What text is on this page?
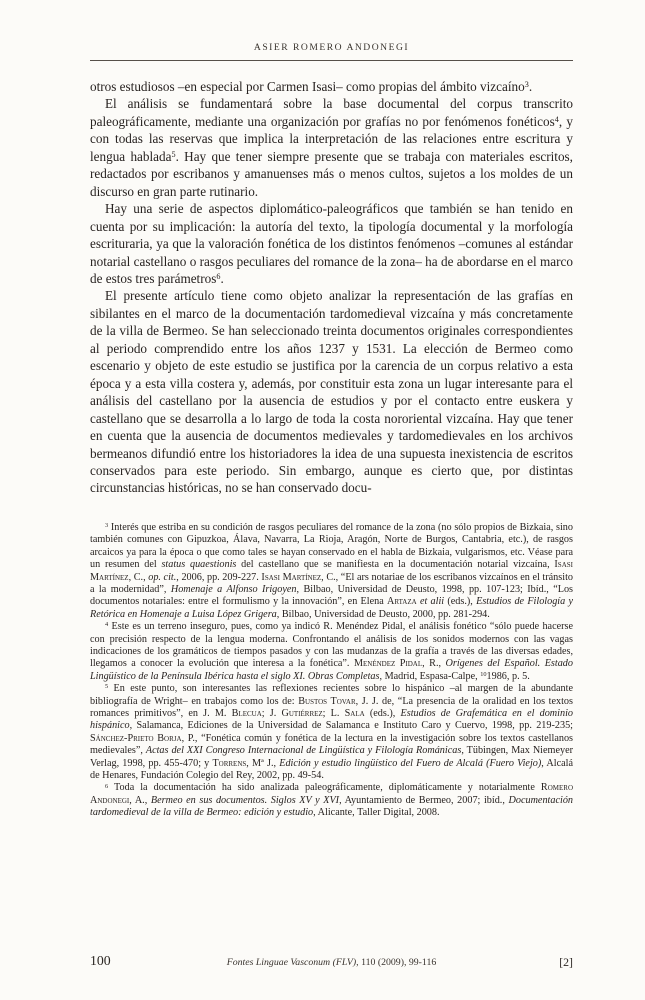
ASIER ROMERO ANDONEGI

otros estudiosos –en especial por Carmen Isasi– como propias del ámbito vizcaíno$^3$.

El análisis se fundamentará sobre la base documental del corpus transcrito paleográficamente, mediante una organización por grafías no por fenómenos fonéticos$^4$, y con todas las reservas que implica la interpretación de las relaciones entre escritura y lengua hablada$^5$. Hay que tener siempre presente que se trabaja con materiales escritos, redactados por escribanos y amanuenses más o menos cultos, sujetos a los moldes de un discurso en gran parte rutinario.

Hay una serie de aspectos diplomático-paleográficos que también se han tenido en cuenta por su implicación: la autoría del texto, la tipología documental y la morfología escrituraria, ya que la valoración fonética de los distintos fenómenos –comunes al estándar notarial castellano o rasgos peculiares del romance de la zona– ha de abordarse en el marco de estos tres parámetros$^6$.

El presente artículo tiene como objeto analizar la representación de las grafías en sibilantes en el marco de la documentación tardomedieval vizcaína y más concretamente de la villa de Bermeo. Se han seleccionado treinta documentos originales correspondientes al periodo comprendido entre los años 1237 y 1531. La elección de Bermeo como escenario y objeto de este estudio se justifica por la carencia de un corpus relativo a esta época y a esta villa costera y, además, por constituir esta zona un lugar interesante para el análisis del castellano por la ausencia de estudios y por el contacto entre euskera y castellano que se desarrolla a lo largo de toda la costa nororiental vizcaína. Hay que tener en cuenta que la ausencia de documentos medievales y tardomedievales en los archivos bermeanos difundió entre los historiadores la idea de una supuesta inexistencia de escritos conservados para este periodo. Sin embargo, aunque es cierto que, por distintas circunstancias históricas, no se han conservado docu-

$^3$ Interés que estriba en su condición de rasgos peculiares del romance de la zona (no sólo propios de Bizkaia, sino también comunes con Gipuzkoa, Álava, Navarra, La Rioja, Aragón, Norte de Burgos, Cantabria, etc.), de rasgos arcaicos ya para la época o que como tales se hayan conservado en el habla de Bizkaia, vulgarismos, etc. Véase para un resumen del status quaestionis del castellano que se manifiesta en la documentación notarial vizcaína, Isasi Martínez, C., op. cit., 2006, pp. 209-227. Isasi Martínez, C., “El ars notariae de los escribanos vizcaínos en el tránsito a la modernidad”, Homenaje a Alfonso Irigoyen, Bilbao, Universidad de Deusto, 1998, pp. 107-123; Ibíd., “Los documentos notariales: entre el formulismo y la innovación”, en Elena Artaza et alii (eds.), Estudios de Filología y Retórica en Homenaje a Luisa López Grigera, Bilbao, Universidad de Deusto, 2000, pp. 281-294.

$^4$ Este es un terreno inseguro, pues, como ya indicó R. Menéndez Pidal, el análisis fonético “sólo puede hacerse con precisión respecto de la lengua moderna. Confrontando el análisis de los sonidos modernos con las vagas indicaciones de los gramáticos de tiempos pasados y con las mudanzas de la grafía a través de las diversas edades, llegamos a conocer la evolución que interesa a la fonética”. Menéndez Pidal, R., Orígenes del Español. Estado Lingüístico de la Península Ibérica hasta el siglo XI. Obras Completas, Madrid, Espasa-Calpe, $^{10}$1986, p. 5.

$^5$ En este punto, son interesantes las reflexiones recientes sobre lo hispánico –al margen de la abundante bibliografía de Wright– en trabajos como los de: Bustos Tovar, J. J. de, “La presencia de la oralidad en los textos romances primitivos”, en J. M. Blecua; J. Gutiérrez; L. Sala (eds.), Estudios de Grafemática en el dominio hispánico, Salamanca, Ediciones de la Universidad de Salamanca e Instituto Caro y Cuervo, 1998, pp. 219-235; Sánchez-Prieto Borja, P., “Fonética común y fonética de la lectura en la investigación sobre los textos castellanos medievales”, Actas del XXI Congreso Internacional de Lingüística y Filología Románicas, Tübingen, Max Niemeyer Verlag, 1998, pp. 455-470; y Torrens, Mª J., Edición y estudio lingüístico del Fuero de Alcalá (Fuero Viejo), Alcalá de Henares, Fundación Colegio del Rey, 2002, pp. 49-54.

$^6$ Toda la documentación ha sido analizada paleográficamente, diplomáticamente y notarialmente Romero Andonegi, A., Bermeo en sus documentos. Siglos XV y XVI, Ayuntamiento de Bermeo, 2007; ibíd., Documentación tardomedieval de la villa de Bermeo: edición y estudio, Alicante, Taller Digital, 2008.

100	Fontes Linguae Vasconum (FLV), 110 (2009), 99-116	[2]
